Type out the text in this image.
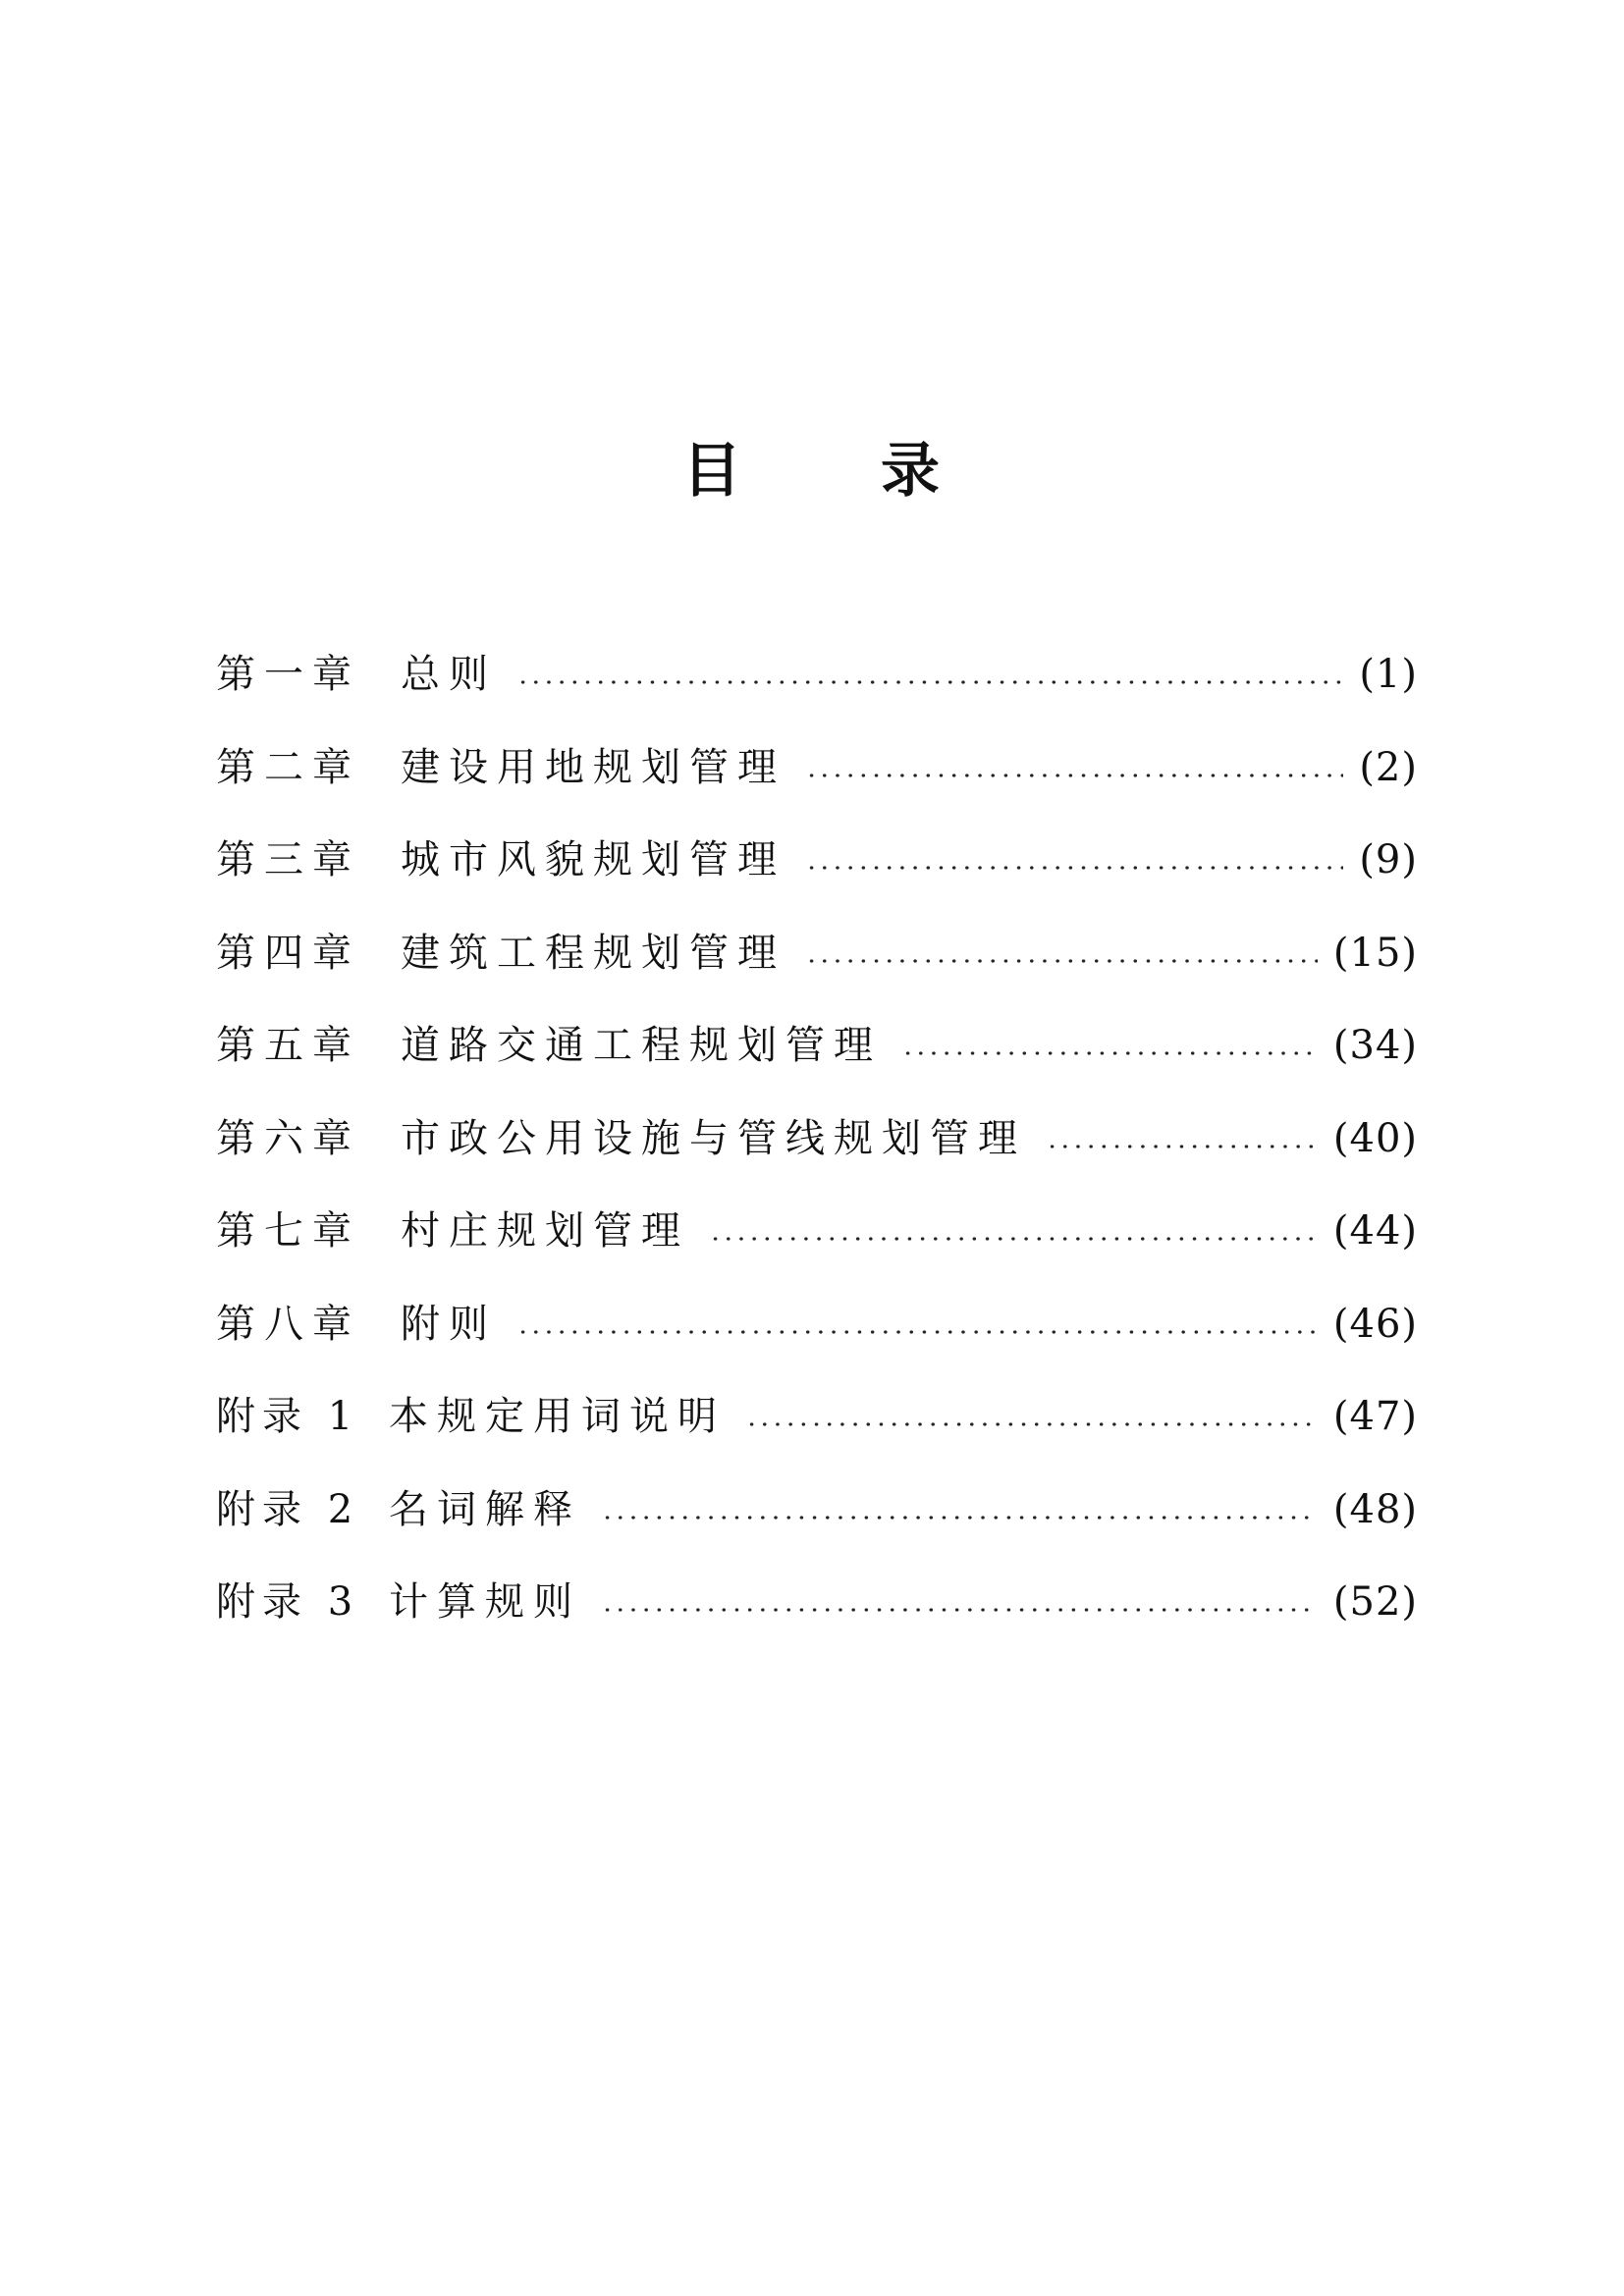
目 录
第一章	总则	(1)
第二章	建设用地规划管理	(2)
第三章	城市风貌规划管理	(9)
第四章	建筑工程规划管理	(15)
第五章	道路交通工程规划管理	(34)
第六章	市政公用设施与管线规划管理	(40)
第七章	村庄规划管理	(44)
第八章	附则	(46)
附录 1 本规定用词说明	(47)
附录 2 名词解释	(48)
附录 3 计算规则	(52)
